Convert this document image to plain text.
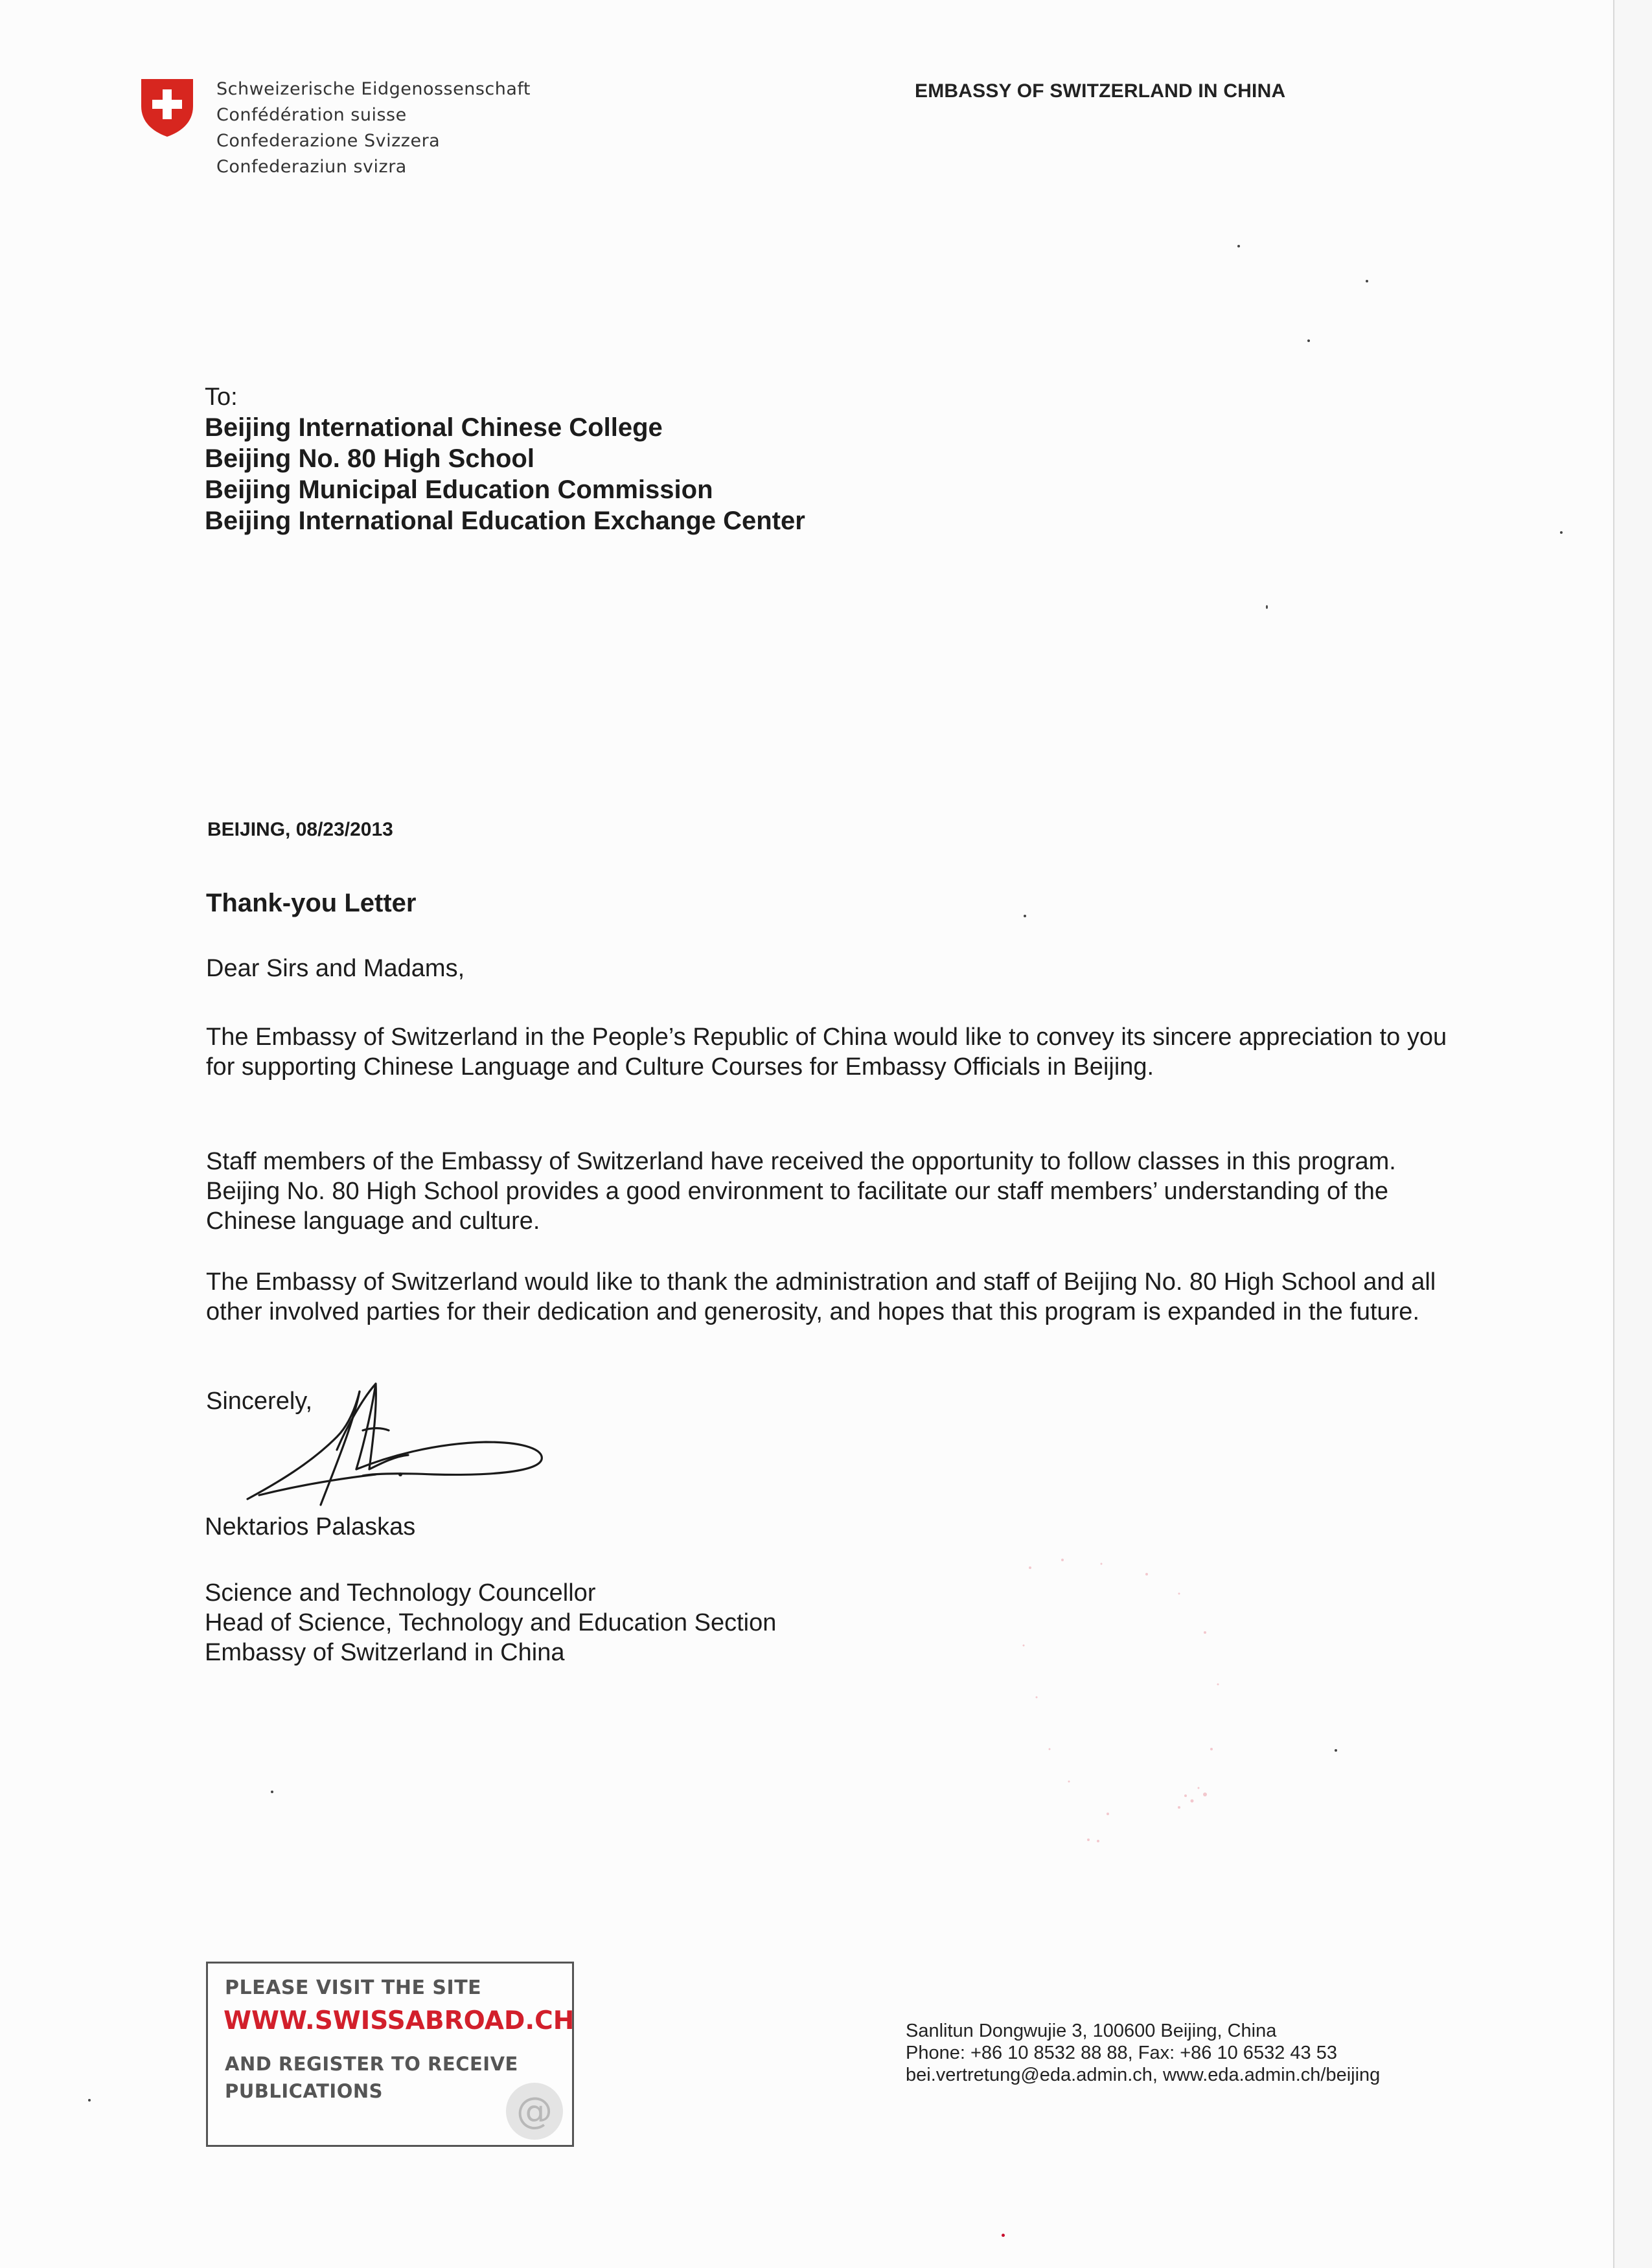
Schweizerische Eidgenossenschaft
Confédération suisse
Confederazione Svizzera
Confederaziun svizra
EMBASSY OF SWITZERLAND IN CHINA
To:
Beijing International Chinese College
Beijing No. 80 High School
Beijing Municipal Education Commission
Beijing International Education Exchange Center
BEIJING, 08/23/2013
Thank-you Letter
Dear Sirs and Madams,
The Embassy of Switzerland in the People’s Republic of China would like to convey its sincere appreciation to you for supporting Chinese Language and Culture Courses for Embassy Officials in Beijing.
Staff members of the Embassy of Switzerland have received the opportunity to follow classes in this program. Beijing No. 80 High School provides a good environment to facilitate our staff members’ understanding of the Chinese language and culture.
The Embassy of Switzerland would like to thank the administration and staff of Beijing No. 80 High School and all other involved parties for their dedication and generosity, and hopes that this program is expanded in the future.
Sincerely,
Nektarios Palaskas
Science and Technology Councellor
Head of Science, Technology and Education Section
Embassy of Switzerland in China
PLEASE VISIT THE SITE
WWW.SWISSABROAD.CH
AND REGISTER TO RECEIVE
PUBLICATIONS	@
Sanlitun Dongwujie 3, 100600 Beijing, China
Phone: +86 10 8532 88 88, Fax: +86 10 6532 43 53
bei.vertretung@eda.admin.ch, www.eda.admin.ch/beijing
